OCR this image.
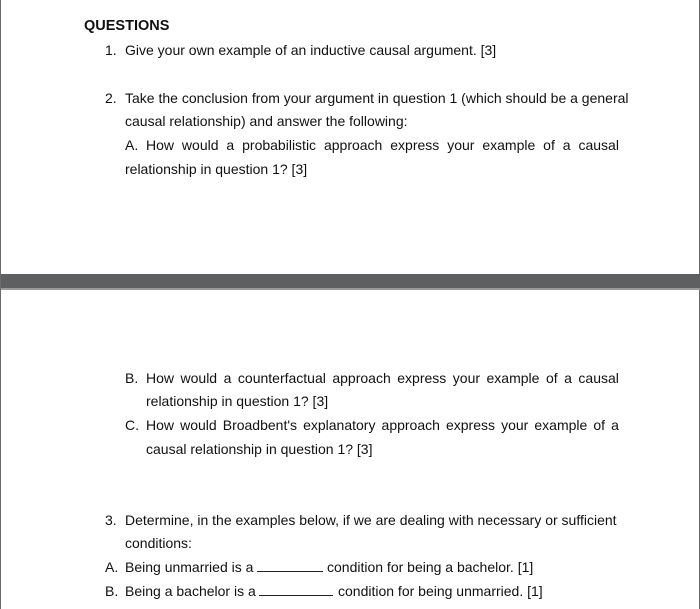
QUESTIONS
1. Give your own example of an inductive causal argument. [3]
2. Take the conclusion from your argument in question 1 (which should be a general
causal relationship) and answer the following:
A. How would a probabilistic approach express your example of a causal
relationship in question 1? [3]
B. How would a counterfactual approach express your example of a causal
relationship in question 1? [3]
C. How would Broadbent's explanatory approach express your example of a
causal relationship in question 1? [3]
3. Determine, in the examples below, if we are dealing with necessary or sufficient
conditions:
A. Being unmarried is a	condition for being a bachelor. [1]
B. Being a bachelor is a	condition for being unmarried. [1]
